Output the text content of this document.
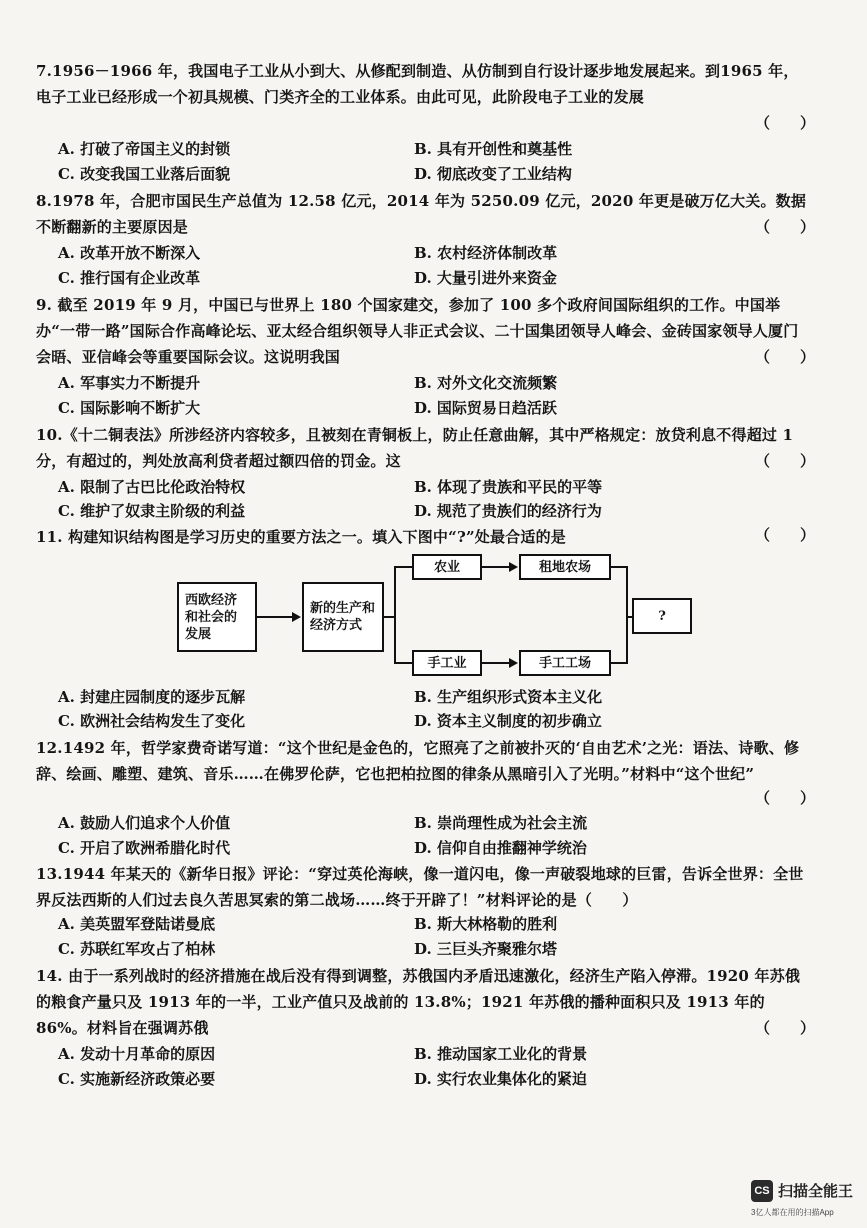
7.1956－1966 年，我国电子工业从小到大、从修配到制造、从仿制到自行设计逐步地发展起来。到1965 年，电子工业已经形成一个初具规模、门类齐全的工业体系。由此可见，此阶段电子工业的发展
（　　）
A. 打破了帝国主义的封锁	B. 具有开创性和奠基性
C. 改变我国工业落后面貌	D. 彻底改变了工业结构
8.1978 年，合肥市国民生产总值为 12.58 亿元，2014 年为 5250.09 亿元，2020 年更是破万亿大关。数据不断翻新的主要原因是	（　　）
A. 改革开放不断深入	B. 农村经济体制改革
C. 推行国有企业改革	D. 大量引进外来资金
9. 截至 2019 年 9 月，中国已与世界上 180 个国家建交，参加了 100 多个政府间国际组织的工作。中国举办“一带一路”国际合作高峰论坛、亚太经合组织领导人非正式会议、二十国集团领导人峰会、金砖国家领导人厦门会晤、亚信峰会等重要国际会议。这说明我国	（　　）
A. 军事实力不断提升	B. 对外文化交流频繁
C. 国际影响不断扩大	D. 国际贸易日趋活跃
10.《十二铜表法》所涉经济内容较多，且被刻在青铜板上，防止任意曲解，其中严格规定：放贷利息不得超过 1 分，有超过的，判处放高利贷者超过额四倍的罚金。这	（　　）
A. 限制了古巴比伦政治特权	B. 体现了贵族和平民的平等
C. 维护了奴隶主阶级的利益	D. 规范了贵族们的经济行为
11. 构建知识结构图是学习历史的重要方法之一。填入下图中“?”处最合适的是	（　　）
西欧经济和社会的发展
新的生产和经济方式
农业	租地农场
手工业	手工工场
?
A. 封建庄园制度的逐步瓦解	B. 生产组织形式资本主义化
C. 欧洲社会结构发生了变化	D. 资本主义制度的初步确立
12.1492 年，哲学家费奇诺写道：“这个世纪是金色的，它照亮了之前被扑灭的‘自由艺术’之光：语法、诗歌、修辞、绘画、雕塑、建筑、音乐……在佛罗伦萨，它也把柏拉图的律条从黑暗引入了光明。”材料中“这个世纪”
（　　）
A. 鼓励人们追求个人价值	B. 崇尚理性成为社会主流
C. 开启了欧洲希腊化时代	D. 信仰自由推翻神学统治
13.1944 年某天的《新华日报》评论：“穿过英伦海峡，像一道闪电，像一声破裂地球的巨雷，告诉全世界：全世界反法西斯的人们过去良久苦思冥索的第二战场……终于开辟了！”材料评论的是（　　）
A. 美英盟军登陆诺曼底	B. 斯大林格勒的胜利
C. 苏联红军攻占了柏林	D. 三巨头齐聚雅尔塔
14. 由于一系列战时的经济措施在战后没有得到调整，苏俄国内矛盾迅速激化，经济生产陷入停滞。1920 年苏俄的粮食产量只及 1913 年的一半，工业产值只及战前的 13.8%；1921 年苏俄的播种面积只及 1913 年的 86%。材料旨在强调苏俄	（　　）
A. 发动十月革命的原因	B. 推动国家工业化的背景
C. 实施新经济政策必要	D. 实行农业集体化的紧迫
CS 扫描全能王
3亿人都在用的扫描App
